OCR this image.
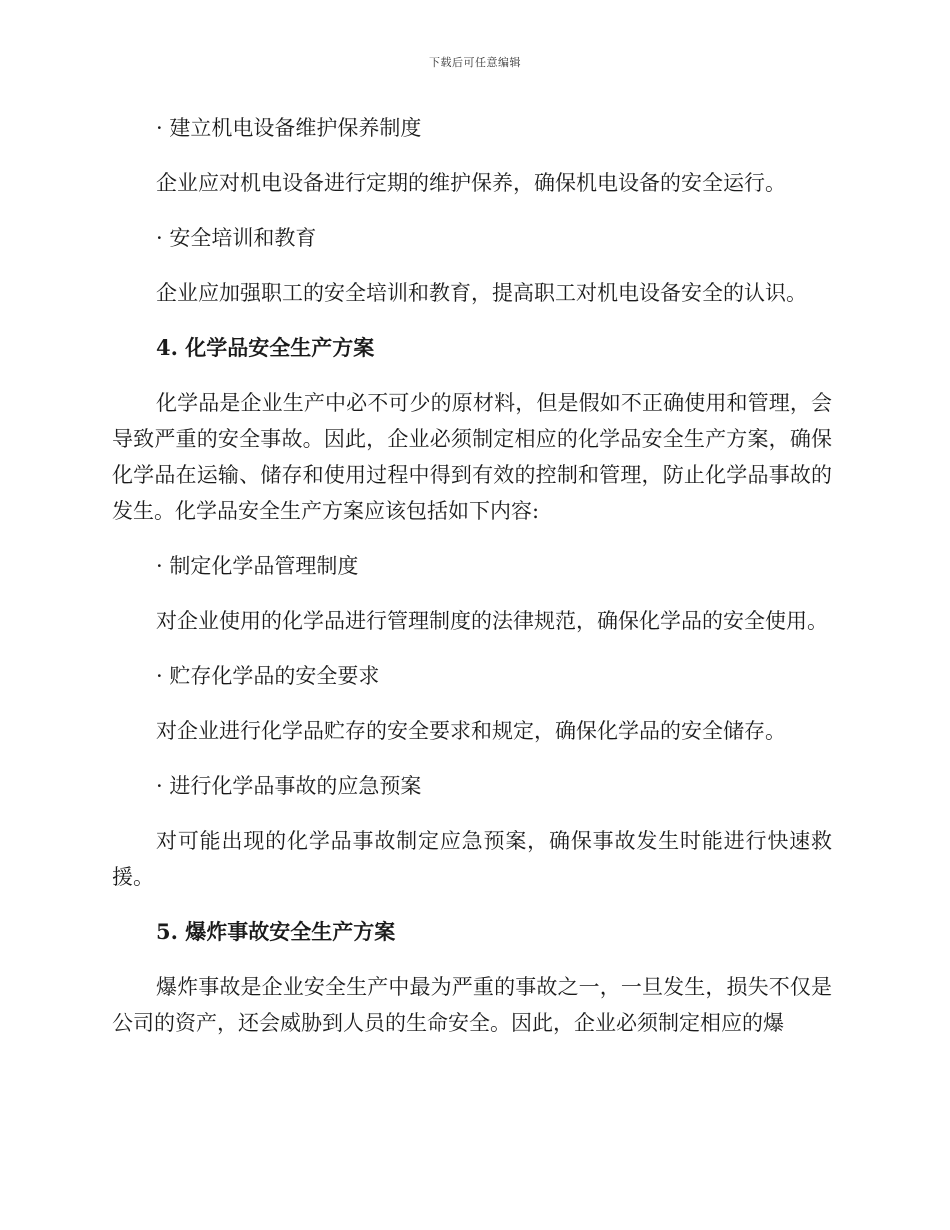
下载后可任意编辑

· 建立机电设备维护保养制度

企业应对机电设备进行定期的维护保养，确保机电设备的安全运行。

· 安全培训和教育

企业应加强职工的安全培训和教育，提高职工对机电设备安全的认识。

4. 化学品安全生产方案

化学品是企业生产中必不可少的原材料，但是假如不正确使用和管理，会导致严重的安全事故。因此，企业必须制定相应的化学品安全生产方案，确保化学品在运输、储存和使用过程中得到有效的控制和管理，防止化学品事故的发生。化学品安全生产方案应该包括如下内容:

· 制定化学品管理制度

对企业使用的化学品进行管理制度的法律规范，确保化学品的安全使用。

· 贮存化学品的安全要求

对企业进行化学品贮存的安全要求和规定，确保化学品的安全储存。

· 进行化学品事故的应急预案

对可能出现的化学品事故制定应急预案，确保事故发生时能进行快速救援。

5. 爆炸事故安全生产方案

爆炸事故是企业安全生产中最为严重的事故之一，一旦发生，损失不仅是公司的资产，还会威胁到人员的生命安全。因此，企业必须制定相应的爆
